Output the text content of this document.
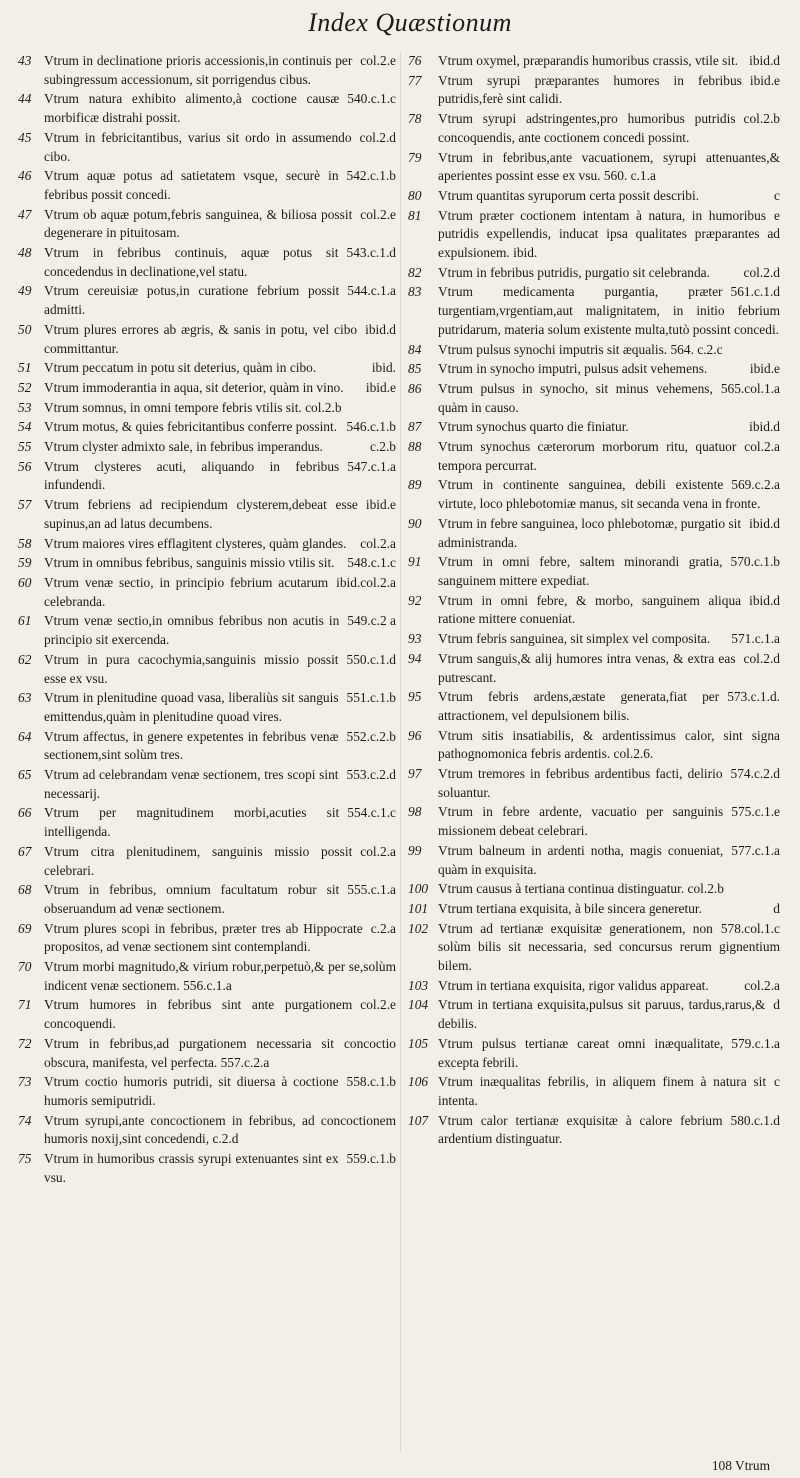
Index Quæstionum
43	col.2.e
Vtrum in declinatione prioris accessionis,in continuis per subingressum accessionum, sit porrigendus cibus.
44	540.c.1.c
Vtrum natura exhibito alimento,à coctione causæ morbificæ distrahi possit.
45	col.2.d
Vtrum in febricitantibus, varius sit ordo in assumendo cibo.
46	542.c.1.b
Vtrum aquæ potus ad satietatem vsque, securè in febribus possit concedi.
47	col.2.e
Vtrum ob aquæ potum,febris sanguinea, & biliosa possit degenerare in pituitosam.
48	543.c.1.d
Vtrum in febribus continuis, aquæ potus sit concedendus in declinatione,vel statu.
49	544.c.1.a
Vtrum cereuisiæ potus,in curatione febrium possit admitti.
50	ibid.d
Vtrum plures errores ab ægris, & sanis in potu, vel cibo committantur.
51	ibid.
Vtrum peccatum in potu sit deterius, quàm in cibo.
52	ibid.e
Vtrum immoderantia in aqua, sit deterior, quàm in vino.
53 Vtrum somnus, in omni tempore febris vtilis sit. col.2.b
54	546.c.1.b
Vtrum motus, & quies febricitantibus conferre possint.
55	c.2.b
Vtrum clyster admixto sale, in febribus imperandus.
56	547.c.1.a
Vtrum clysteres acuti, aliquando in febribus infundendi.
57	ibid.e
Vtrum febriens ad recipiendum clysterem,debeat esse supinus,an ad latus decumbens.
58	col.2.a
Vtrum maiores vires efflagitent clysteres, quàm glandes.
59	548.c.1.c
Vtrum in omnibus febribus, sanguinis missio vtilis sit.
60	ibid.col.2.a
Vtrum venæ sectio, in principio febrium acutarum celebranda.
61	549.c.2 a
Vtrum venæ sectio,in omnibus febribus non acutis in principio sit exercenda.
62	550.c.1.d
Vtrum in pura cacochymia,sanguinis missio possit esse ex vsu.
63	551.c.1.b
Vtrum in plenitudine quoad vasa, liberaliùs sit sanguis emittendus,quàm in plenitudine quoad vires.
64	552.c.2.b
Vtrum affectus, in genere expetentes in febribus venæ sectionem,sint solùm tres.
65	553.c.2.d
Vtrum ad celebrandam venæ sectionem, tres scopi sint necessarij.
66	554.c.1.c
Vtrum per magnitudinem morbi,acuties sit intelligenda.
67	col.2.a
Vtrum citra plenitudinem, sanguinis missio possit celebrari.
68	555.c.1.a
Vtrum in febribus, omnium facultatum robur sit obseruandum ad venæ sectionem.
69	c.2.a
Vtrum plures scopi in febribus, præter tres ab Hippocrate propositos, ad venæ sectionem sint contemplandi.
70 Vtrum morbi magnitudo,& virium robur,perpetuò,& per se,solùm indicent venæ sectionem. 556.c.1.a
71	col.2.e
Vtrum humores in febribus sint ante purgationem concoquendi.
72 Vtrum in febribus,ad purgationem necessaria sit concoctio obscura, manifesta, vel perfecta. 557.c.2.a
73	558.c.1.b
Vtrum coctio humoris putridi, sit diuersa à coctione humoris semiputridi.
74 Vtrum syrupi,ante concoctionem in febribus, ad concoctionem humoris noxij,sint concedendi, c.2.d
75	559.c.1.b
Vtrum in humoribus crassis syrupi extenuantes sint ex vsu.
76	ibid.d
Vtrum oxymel, præparandis humoribus crassis, vtile sit.
77	ibid.e
Vtrum syrupi præparantes humores in febribus putridis,ferè sint calidi.
78	col.2.b
Vtrum syrupi adstringentes,pro humoribus putridis concoquendis, ante coctionem concedi possint.
79	Vtrum in febribus,ante vacuationem, syrupi attenuantes,& aperientes possint esse ex vsu. 560. c.1.a
80	c
Vtrum quantitas syruporum certa possit describi.
81	e
Vtrum præter coctionem intentam à natura, in humoribus putridis expellendis, inducat ipsa qualitates præparantes ad expulsionem. ibid.
82	col.2.d
Vtrum in febribus putridis, purgatio sit celebranda.
83	561.c.1.d
Vtrum medicamenta purgantia, præter turgentiam,vrgentiam,aut malignitatem, in initio febrium putridarum, materia solum existente multa,tutò possint concedi.
84	Vtrum pulsus synochi imputris sit æqualis. 564. c.2.c
85	ibid.e
Vtrum in synocho imputri, pulsus adsit vehemens.
86	565.col.1.a
Vtrum pulsus in synocho, sit minus vehemens, quàm in causo.
87	ibid.d
Vtrum synochus quarto die finiatur.
88	col.2.a
Vtrum synochus cæterorum morborum ritu, quatuor tempora percurrat.
89	569.c.2.a
Vtrum in continente sanguinea, debili existente virtute, loco phlebotomiæ manus, sit secanda vena in fronte.
90	ibid.d
Vtrum in febre sanguinea, loco phlebotomæ, purgatio sit administranda.
91	570.c.1.b
Vtrum in omni febre, saltem minorandi gratia, sanguinem mittere expediat.
92	ibid.d
Vtrum in omni febre, & morbo, sanguinem aliqua ratione mittere conueniat.
93	571.c.1.a
Vtrum febris sanguinea, sit simplex vel composita.
94	col.2.d
Vtrum sanguis,& alij humores intra venas, & extra eas putrescant.
95	573.c.1.d.
Vtrum febris ardens,æstate generata,fiat per attractionem, vel depulsionem bilis.
96	Vtrum sitis insatiabilis, & ardentissimus calor, sint signa pathognomonica febris ardentis. col.2.6.
97	574.c.2.d
Vtrum tremores in febribus ardentibus facti, delirio soluantur.
98	575.c.1.e
Vtrum in febre ardente, vacuatio per sanguinis missionem debeat celebrari.
99	577.c.1.a
Vtrum balneum in ardenti notha, magis conueniat, quàm in exquisita.
100 Vtrum causus à tertiana continua distinguatur. col.2.b
101	d
Vtrum tertiana exquisita, à bile sincera generetur.
102	578.col.1.c
Vtrum ad tertianæ exquisitæ generationem, non solùm bilis sit necessaria, sed concursus rerum gignentium bilem.
103	col.2.a
Vtrum in tertiana exquisita, rigor validus appareat.
104	d
Vtrum in tertiana exquisita,pulsus sit paruus, tardus,rarus,& debilis.
105	579.c.1.a
Vtrum pulsus tertianæ careat omni inæqualitate, excepta febrili.
106	c
Vtrum inæqualitas febrilis, in aliquem finem à natura sit intenta.
107	580.c.1.d
Vtrum calor tertianæ exquisitæ à calore febrium ardentium distinguatur.
108 Vtrum
